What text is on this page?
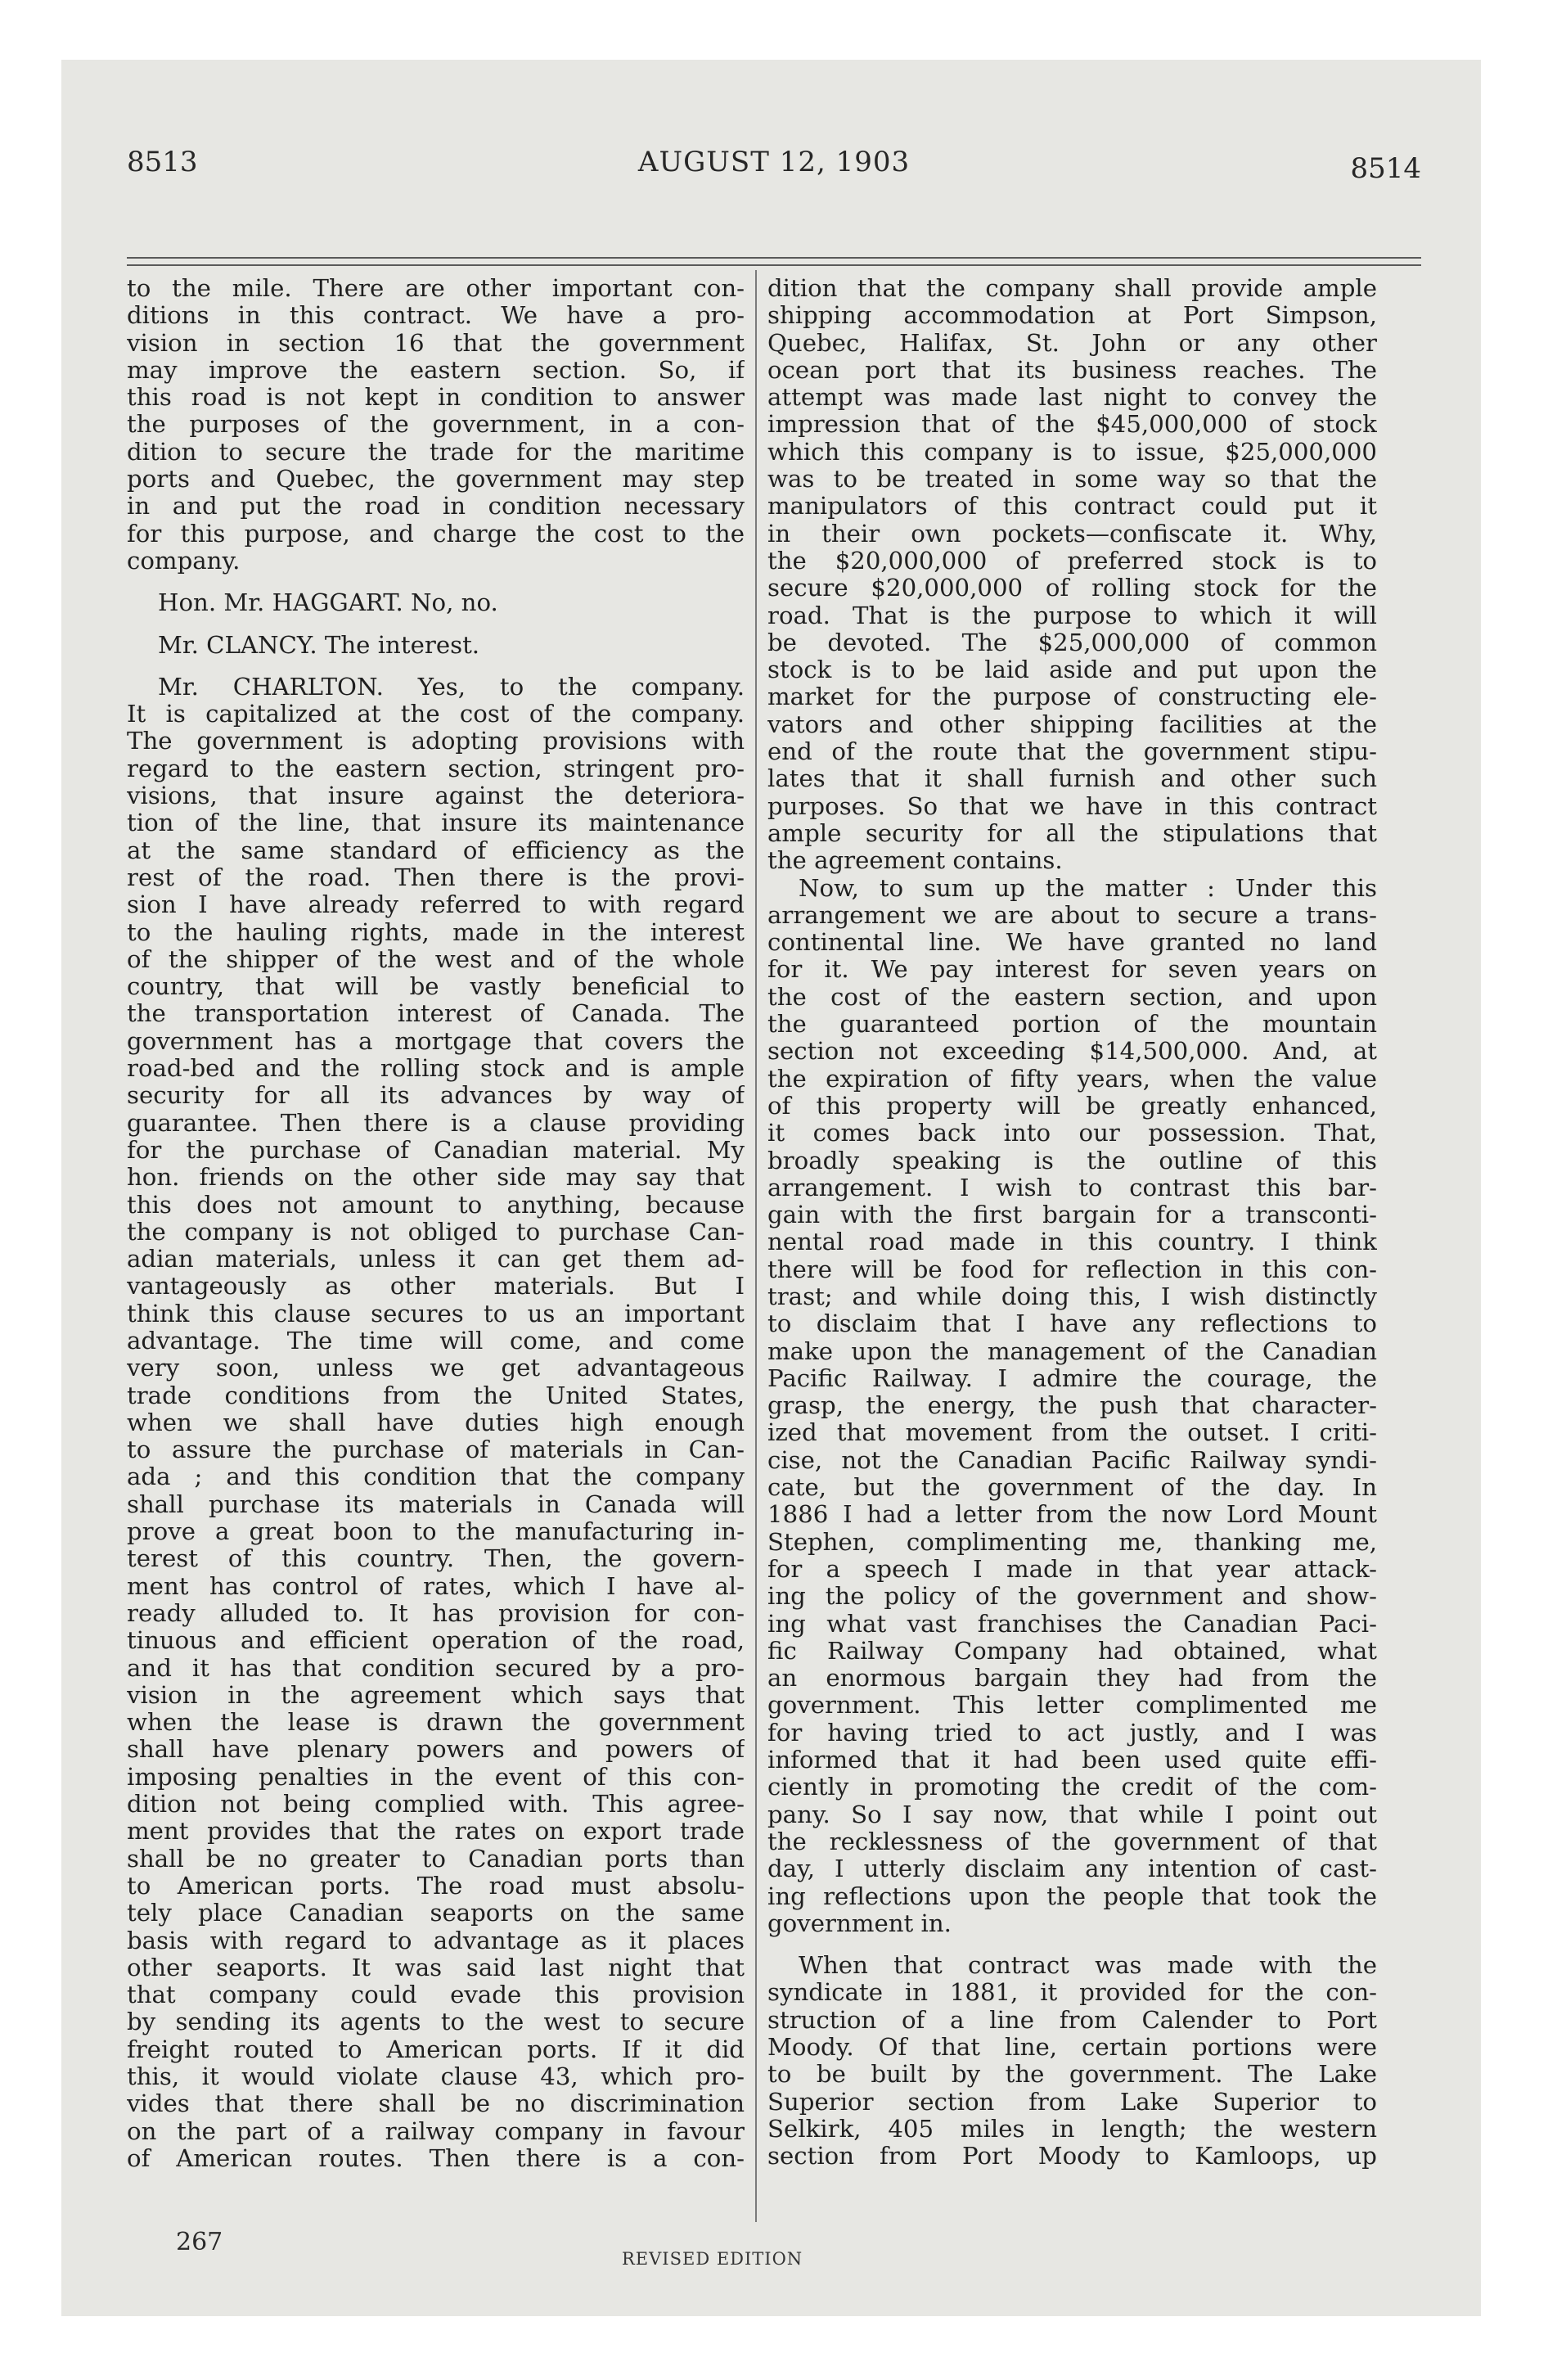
8513	AUGUST 12, 1903	8514
to the mile. There are other important con-
ditions in this contract. We have a pro-
vision in section 16 that the government
may improve the eastern section. So, if
this road is not kept in condition to answer
the purposes of the government, in a con-
dition to secure the trade for the maritime
ports and Quebec, the government may step
in and put the road in condition necessary
for this purpose, and charge the cost to the
company.
Hon. Mr. HAGGART. No, no.
Mr. CLANCY. The interest.
Mr. CHARLTON. Yes, to the company.
It is capitalized at the cost of the company.
The government is adopting provisions with
regard to the eastern section, stringent pro-
visions, that insure against the deteriora-
tion of the line, that insure its maintenance
at the same standard of efficiency as the
rest of the road. Then there is the provi-
sion I have already referred to with regard
to the hauling rights, made in the interest
of the shipper of the west and of the whole
country, that will be vastly beneficial to
the transportation interest of Canada. The
government has a mortgage that covers the
road-bed and the rolling stock and is ample
security for all its advances by way of
guarantee. Then there is a clause providing
for the purchase of Canadian material. My
hon. friends on the other side may say that
this does not amount to anything, because
the company is not obliged to purchase Can-
adian materials, unless it can get them ad-
vantageously as other materials. But I
think this clause secures to us an important
advantage. The time will come, and come
very soon, unless we get advantageous
trade conditions from the United States,
when we shall have duties high enough
to assure the purchase of materials in Can-
ada ; and this condition that the company
shall purchase its materials in Canada will
prove a great boon to the manufacturing in-
terest of this country. Then, the govern-
ment has control of rates, which I have al-
ready alluded to. It has provision for con-
tinuous and efficient operation of the road,
and it has that condition secured by a pro-
vision in the agreement which says that
when the lease is drawn the government
shall have plenary powers and powers of
imposing penalties in the event of this con-
dition not being complied with. This agree-
ment provides that the rates on export trade
shall be no greater to Canadian ports than
to American ports. The road must absolu-
tely place Canadian seaports on the same
basis with regard to advantage as it places
other seaports. It was said last night that
that company could evade this provision
by sending its agents to the west to secure
freight routed to American ports. If it did
this, it would violate clause 43, which pro-
vides that there shall be no discrimination
on the part of a railway company in favour
of American routes. Then there is a con-
dition that the company shall provide ample
shipping accommodation at Port Simpson,
Quebec, Halifax, St. John or any other
ocean port that its business reaches. The
attempt was made last night to convey the
impression that of the $45,000,000 of stock
which this company is to issue, $25,000,000
was to be treated in some way so that the
manipulators of this contract could put it
in their own pockets—confiscate it. Why,
the $20,000,000 of preferred stock is to
secure $20,000,000 of rolling stock for the
road. That is the purpose to which it will
be devoted. The $25,000,000 of common
stock is to be laid aside and put upon the
market for the purpose of constructing ele-
vators and other shipping facilities at the
end of the route that the government stipu-
lates that it shall furnish and other such
purposes. So that we have in this contract
ample security for all the stipulations that
the agreement contains.
Now, to sum up the matter : Under this
arrangement we are about to secure a trans-
continental line. We have granted no land
for it. We pay interest for seven years on
the cost of the eastern section, and upon
the guaranteed portion of the mountain
section not exceeding $14,500,000. And, at
the expiration of fifty years, when the value
of this property will be greatly enhanced,
it comes back into our possession. That,
broadly speaking is the outline of this
arrangement. I wish to contrast this bar-
gain with the first bargain for a transconti-
nental road made in this country. I think
there will be food for reflection in this con-
trast; and while doing this, I wish distinctly
to disclaim that I have any reflections to
make upon the management of the Canadian
Pacific Railway. I admire the courage, the
grasp, the energy, the push that character-
ized that movement from the outset. I criti-
cise, not the Canadian Pacific Railway syndi-
cate, but the government of the day. In
1886 I had a letter from the now Lord Mount
Stephen, complimenting me, thanking me,
for a speech I made in that year attack-
ing the policy of the government and show-
ing what vast franchises the Canadian Paci-
fic Railway Company had obtained, what
an enormous bargain they had from the
government. This letter complimented me
for having tried to act justly, and I was
informed that it had been used quite effi-
ciently in promoting the credit of the com-
pany. So I say now, that while I point out
the recklessness of the government of that
day, I utterly disclaim any intention of cast-
ing reflections upon the people that took the
government in.
When that contract was made with the
syndicate in 1881, it provided for the con-
struction of a line from Calender to Port
Moody. Of that line, certain portions were
to be built by the government. The Lake
Superior section from Lake Superior to
Selkirk, 405 miles in length; the western
section from Port Moody to Kamloops, up
267
REVISED EDITION
